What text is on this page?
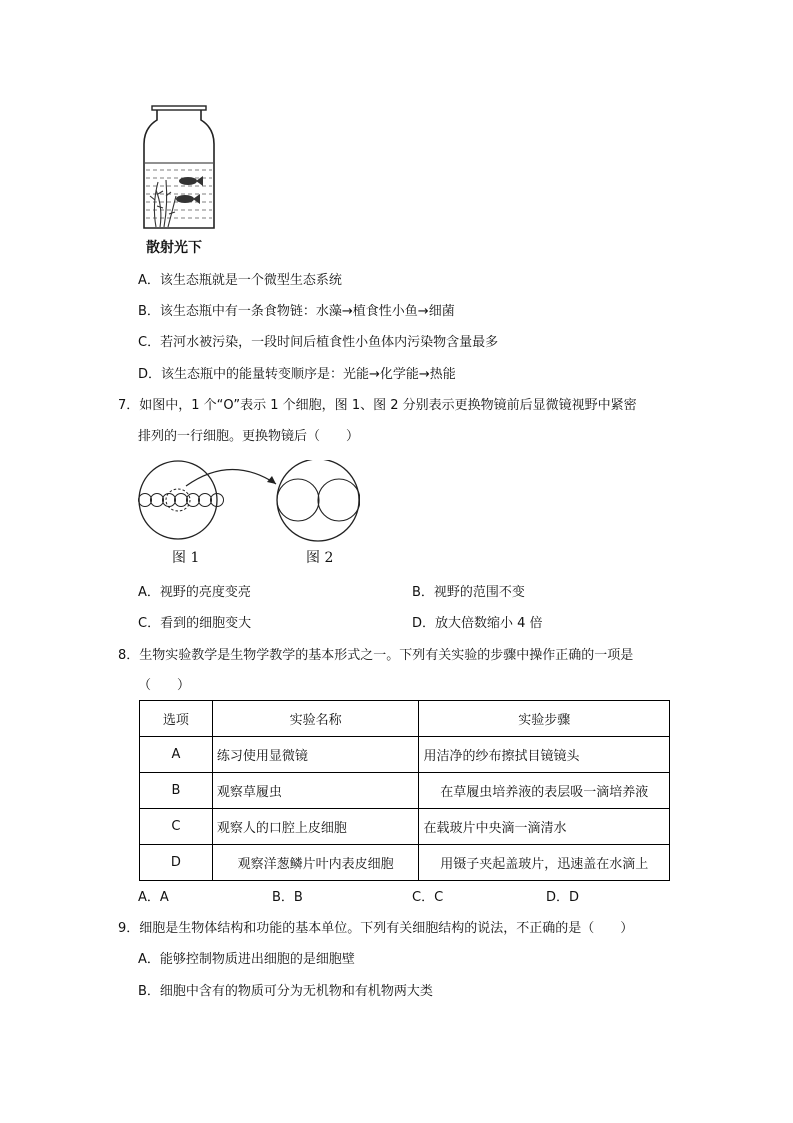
散射光下
A．该生态瓶就是一个微型生态系统
B．该生态瓶中有一条食物链：水藻→植食性小鱼→细菌
C．若河水被污染，一段时间后植食性小鱼体内污染物含量最多
D．该生态瓶中的能量转变顺序是：光能→化学能→热能
7．如图中，1 个“O”表示 1 个细胞，图 1、图 2 分别表示更换物镜前后显微镜视野中紧密
排列的一行细胞。更换物镜后（　　）
图 1	图 2
A．视野的亮度变亮	B．视野的范围不变
C．看到的细胞变大	D．放大倍数缩小 4 倍
8．生物实验教学是生物学教学的基本形式之一。下列有关实验的步骤中操作正确的一项是
（　　）
选项	实验名称	实验步骤
A	练习使用显微镜	用洁净的纱布擦拭目镜镜头
B	观察草履虫	在草履虫培养液的表层吸一滴培养液
C	观察人的口腔上皮细胞	在载玻片中央滴一滴清水
D	观察洋葱鳞片叶内表皮细胞	用镊子夹起盖玻片，迅速盖在水滴上
A．A	B．B	C．C	D．D
9．细胞是生物体结构和功能的基本单位。下列有关细胞结构的说法，不正确的是（　　）
A．能够控制物质进出细胞的是细胞壁
B．细胞中含有的物质可分为无机物和有机物两大类
